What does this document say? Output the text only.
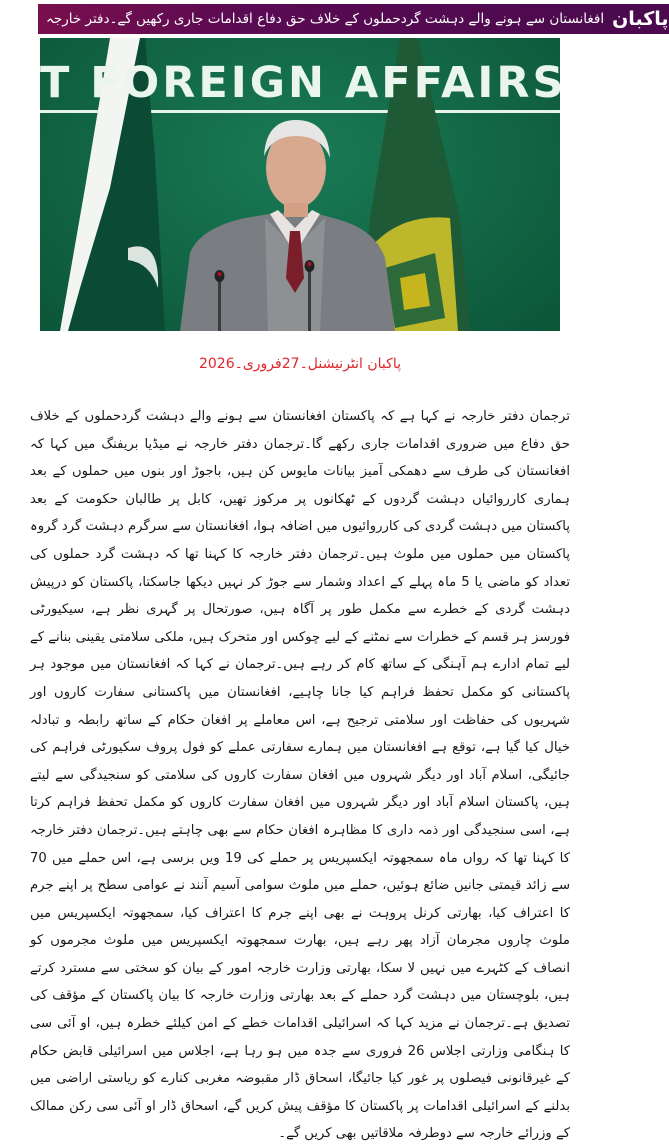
افغانستان سے ہونے والے دہشت گردحملوں کے خلاف حق دفاع اقدامات جاری رکھیں گے۔دفتر خارجہ پاکبان
T FOREIGN AFFAIRS
پاکبان انٹرنیشنل۔27فروری۔2026
ترجمان دفتر خارجہ نے کہا ہے کہ پاکستان افغانستان سے ہونے والے دہشت گردحملوں کے خلاف حق دفاع میں ضروری اقدامات جاری رکھے گا۔ترجمان دفتر خارجہ نے میڈیا بریفنگ میں کہا کہ افغانستان کی طرف سے دھمکی آمیز بیانات مایوس کن ہیں، باجوڑ اور بنوں میں حملوں کے بعد ہماری کارروائیاں دہشت گردوں کے ٹھکانوں پر مرکوز تھیں، کابل پر طالبان حکومت کے بعد پاکستان میں دہشت گردی کی کارروائیوں میں اضافہ ہوا، افغانستان سے سرگرم دہشت گرد گروہ پاکستان میں حملوں میں ملوث ہیں۔ترجمان دفتر خارجہ کا کہنا تھا کہ دہشت گرد حملوں کی تعداد کو ماضی یا 5 ماہ پہلے کے اعداد وشمار سے جوڑ کر نہیں دیکھا جاسکتا، پاکستان کو درپیش دہشت گردی کے خطرے سے مکمل طور پر آگاہ ہیں، صورتحال پر گہری نظر ہے، سیکیورٹی فورسز ہر قسم کے خطرات سے نمٹنے کے لیے چوکس اور متحرک ہیں، ملکی سلامتی یقینی بنانے کے لیے تمام ادارے ہم آہنگی کے ساتھ کام کر رہے ہیں۔ترجمان نے کہا کہ افغانستان میں موجود ہر پاکستانی کو مکمل تحفظ فراہم کیا جانا چاہیے، افغانستان میں پاکستانی سفارت کاروں اور شہریوں کی حفاظت اور سلامتی ترجیح ہے، اس معاملے پر افغان حکام کے ساتھ رابطہ و تبادلہ خیال کیا گیا ہے، توقع ہے افغانستان میں ہمارے سفارتی عملے کو فول پروف سکیورٹی فراہم کی جائیگی، اسلام آباد اور دیگر شہروں میں افغان سفارت کاروں کی سلامتی کو سنجیدگی سے لیتے ہیں، پاکستان اسلام آباد اور دیگر شہروں میں افغان سفارت کاروں کو مکمل تحفظ فراہم کرتا ہے، اسی سنجیدگی اور ذمہ داری کا مظاہرہ افغان حکام سے بھی چاہتے ہیں۔ترجمان دفتر خارجہ کا کہنا تھا کہ رواں ماہ سمجھوتہ ایکسپریس پر حملے کی 19 ویں برسی ہے، اس حملے میں 70 سے زائد قیمتی جانیں ضائع ہوئیں، حملے میں ملوث سوامی آسیم آنند نے عوامی سطح پر اپنے جرم کا اعتراف کیا، بھارتی کرنل پروہت نے بھی اپنے جرم کا اعتراف کیا، سمجھوتہ ایکسپریس میں ملوث چاروں مجرمان آزاد پھر رہے ہیں، بھارت سمجھوتہ ایکسپریس میں ملوث مجرموں کو انصاف کے کٹہرے میں نہیں لا سکا، بھارتی وزارت خارجہ امور کے بیان کو سختی سے مسترد کرتے ہیں، بلوچستان میں دہشت گرد حملے کے بعد بھارتی وزارت خارجہ کا بیان پاکستان کے مؤقف کی تصدیق ہے۔ترجمان نے مزید کہا کہ اسرائیلی اقدامات خطے کے امن کیلئے خطرہ ہیں، او آئی سی کا ہنگامی وزارتی اجلاس 26 فروری سے جدہ میں ہو رہا ہے، اجلاس میں اسرائیلی قابض حکام کے غیرقانونی فیصلوں پر غور کیا جائیگا، اسحاق ڈار مقبوضہ مغربی کنارے کو ریاستی اراضی میں بدلنے کے اسرائیلی اقدامات پر پاکستان کا مؤقف پیش کریں گے، اسحاق ڈار او آئی سی رکن ممالک کے وزرائے خارجہ سے دوطرفہ ملاقاتیں بھی کریں گے۔
